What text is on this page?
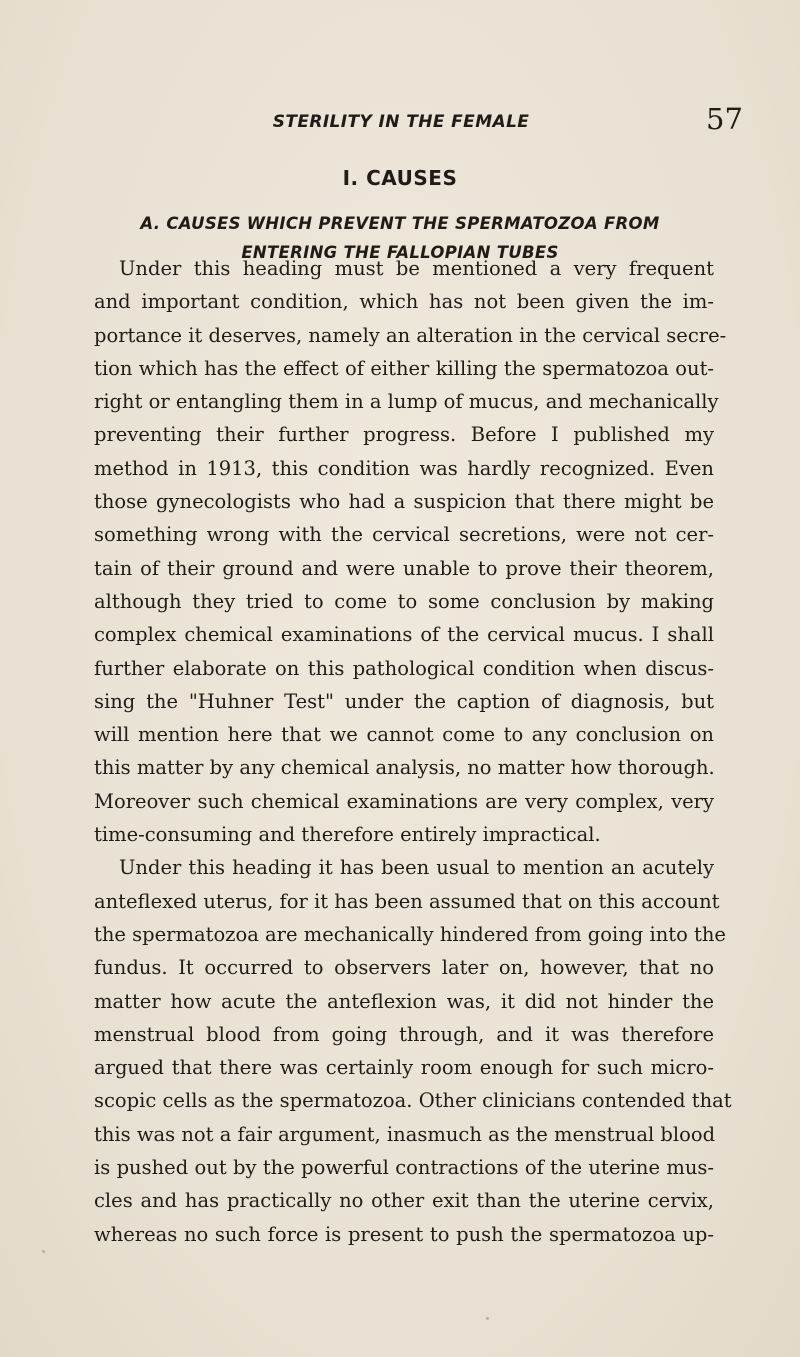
STERILITY IN THE FEMALE	57
I. CAUSES
A. CAUSES WHICH PREVENT THE SPERMATOZOA FROM
ENTERING THE FALLOPIAN TUBES
Under this heading must be mentioned a very frequent
and important condition, which has not been given the im-
portance it deserves, namely an alteration in the cervical secre-
tion which has the effect of either killing the spermatozoa out-
right or entangling them in a lump of mucus, and mechanically
preventing their further progress. Before I published my
method in 1913, this condition was hardly recognized. Even
those gynecologists who had a suspicion that there might be
something wrong with the cervical secretions, were not cer-
tain of their ground and were unable to prove their theorem,
although they tried to come to some conclusion by making
complex chemical examinations of the cervical mucus. I shall
further elaborate on this pathological condition when discus-
sing the "Huhner Test" under the caption of diagnosis, but
will mention here that we cannot come to any conclusion on
this matter by any chemical analysis, no matter how thorough.
Moreover such chemical examinations are very complex, very
time-consuming and therefore entirely impractical.
Under this heading it has been usual to mention an acutely
anteflexed uterus, for it has been assumed that on this account
the spermatozoa are mechanically hindered from going into the
fundus. It occurred to observers later on, however, that no
matter how acute the anteflexion was, it did not hinder the
menstrual blood from going through, and it was therefore
argued that there was certainly room enough for such micro-
scopic cells as the spermatozoa. Other clinicians contended that
this was not a fair argument, inasmuch as the menstrual blood
is pushed out by the powerful contractions of the uterine mus-
cles and has practically no other exit than the uterine cervix,
whereas no such force is present to push the spermatozoa up-
